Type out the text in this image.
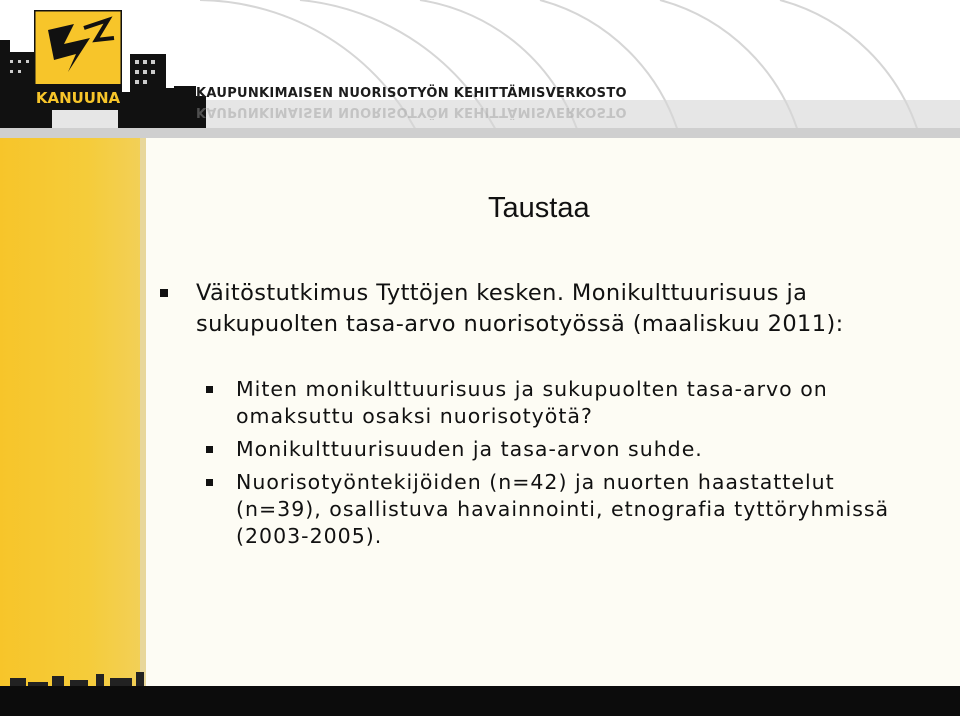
KANUUNA	KAUPUNKIMAISEN NUORISOTYÖN KEHITTÄMISVERKOSTO
KAUPUNKIMAISEN NUORISOTYÖN KEHITTÄMISVERKOSTO
Taustaa
Väitöstutkimus Tyttöjen kesken. Monikulttuurisuus ja sukupuolten tasa-arvo nuorisotyössä (maaliskuu 2011):
Miten monikulttuurisuus ja sukupuolten tasa-arvo on omaksuttu osaksi nuorisotyötä?
Monikulttuurisuuden ja tasa-arvon suhde.
Nuorisotyöntekijöiden (n=42) ja nuorten haastattelut (n=39), osallistuva havainnointi, etnografia tyttöryhmissä (2003-2005).
